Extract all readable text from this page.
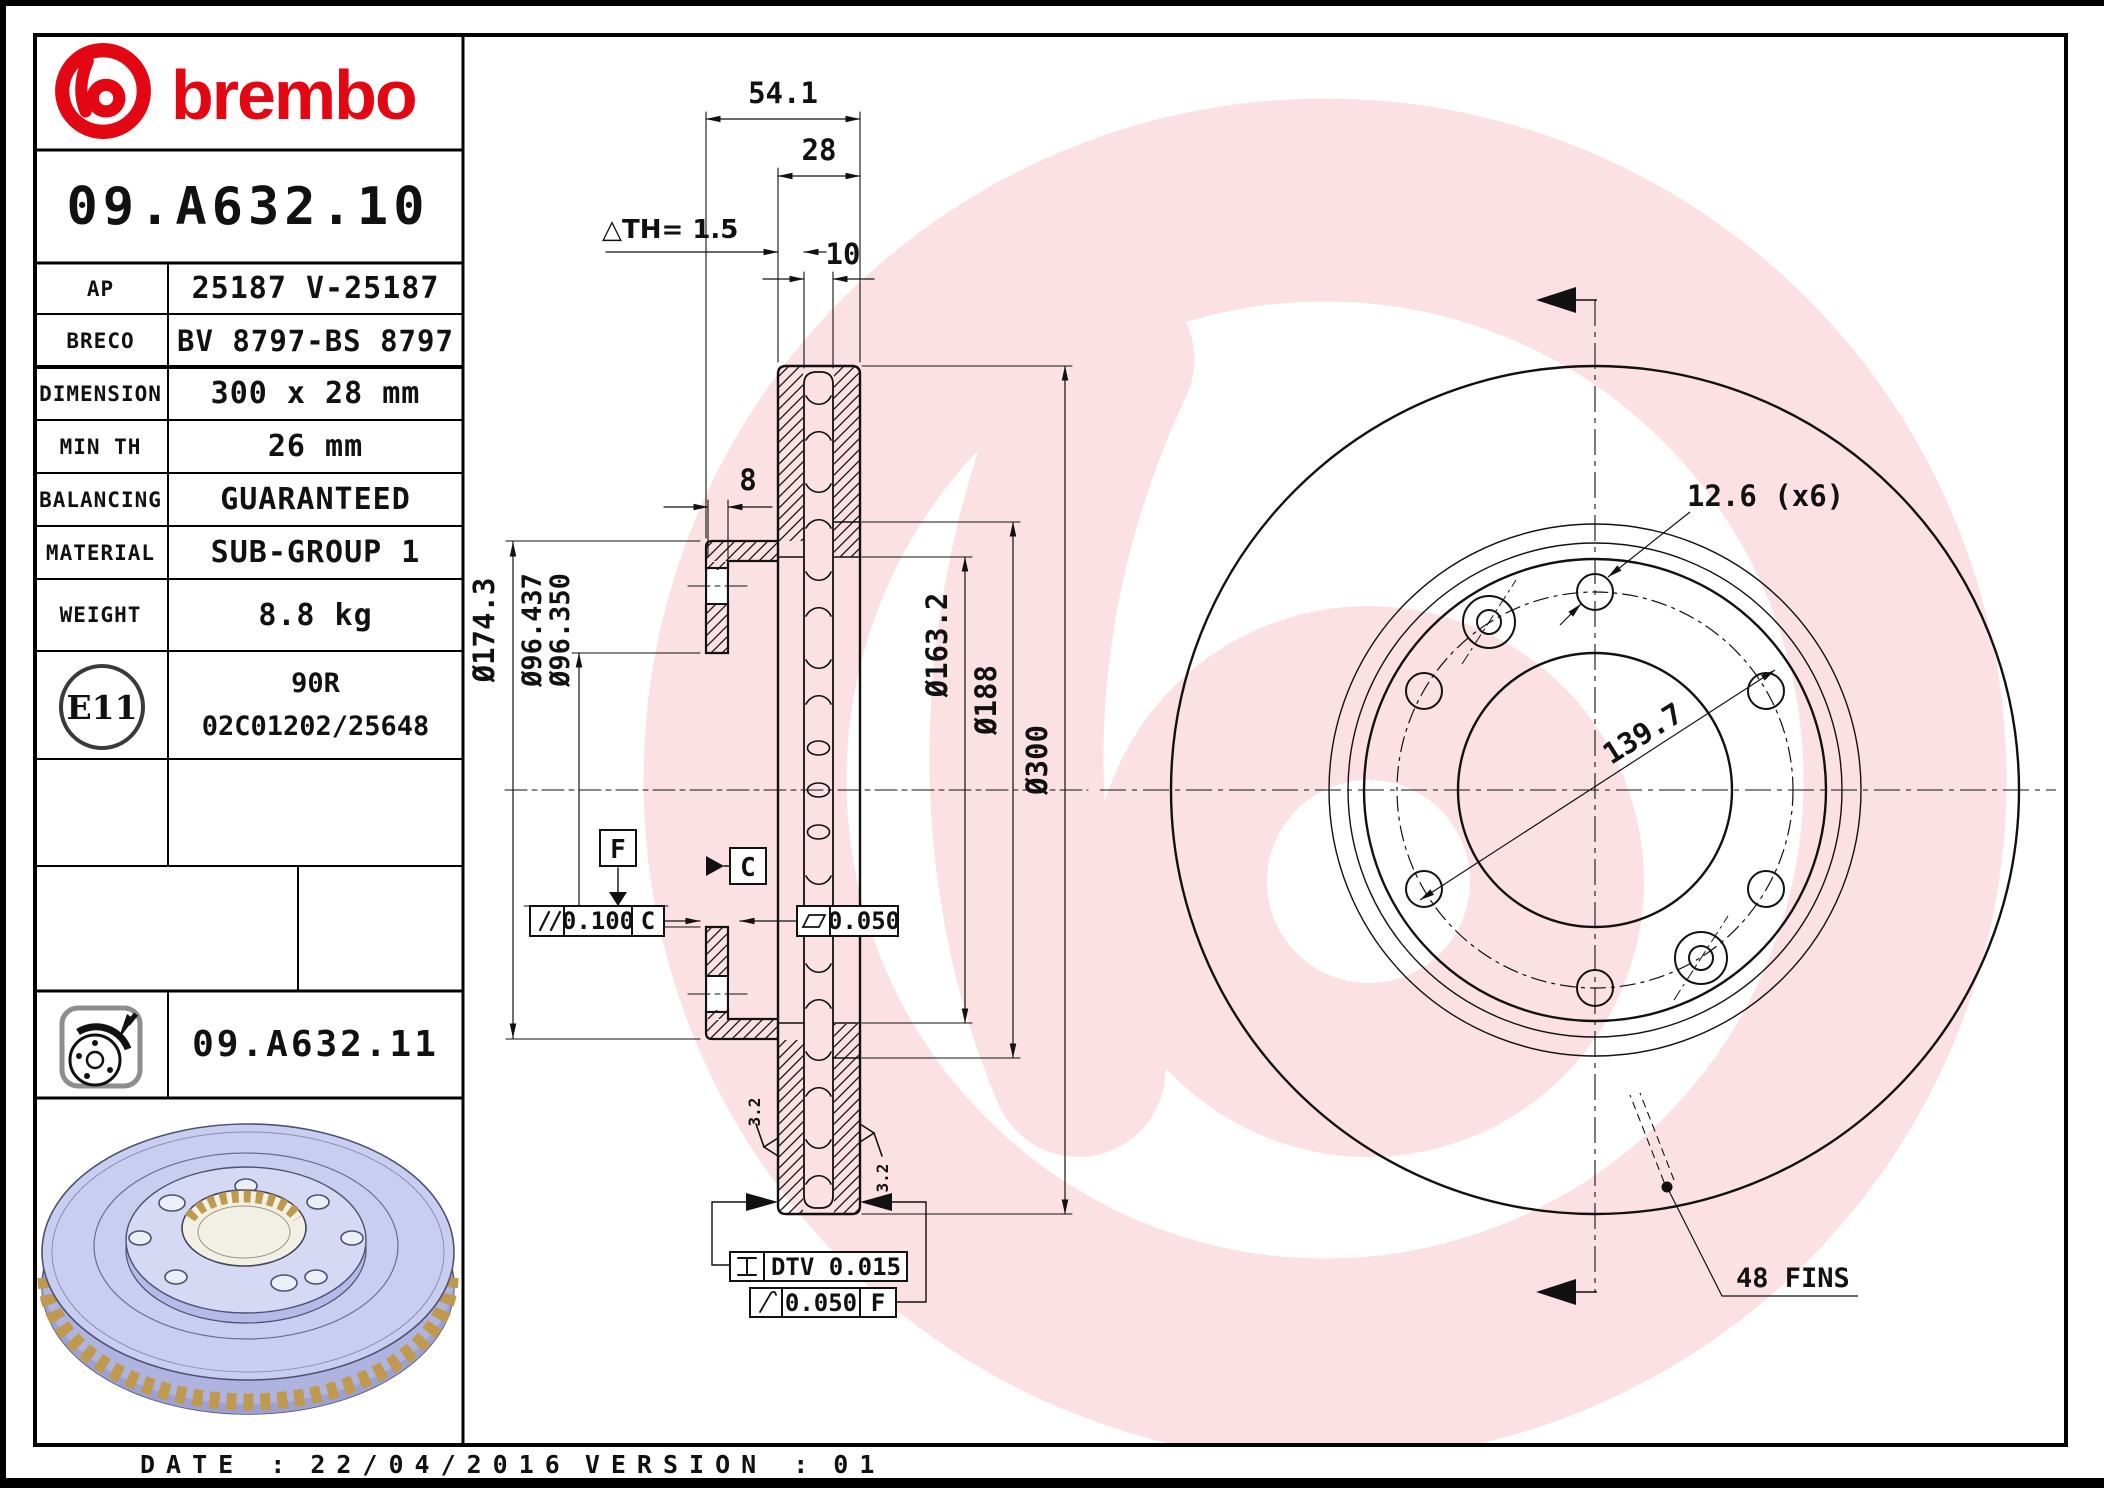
54.1
28
△TH= 1.5
10
8
Ø174.3 Ø96.437
Ø96.350	Ø163.2
Ø188
Ø300
F
C
0.100 C	0.050
3.2
3.2
DTV 0.015
0.050 F
12.6 (x6)
139.7
48 FINS
brembo
09.A632.10
AP	25187 V-25187
BRECO	BV 8797-BS 8797
DIMENSION	300 x 28 mm
MIN TH	26 mm
BALANCING	GUARANTEED
MATERIAL	SUB-GROUP 1
WEIGHT	8.8 kg
E11
90R
02C01202/25648
09.A632.11
DATE : 22/04/2016 VERSION : 01
